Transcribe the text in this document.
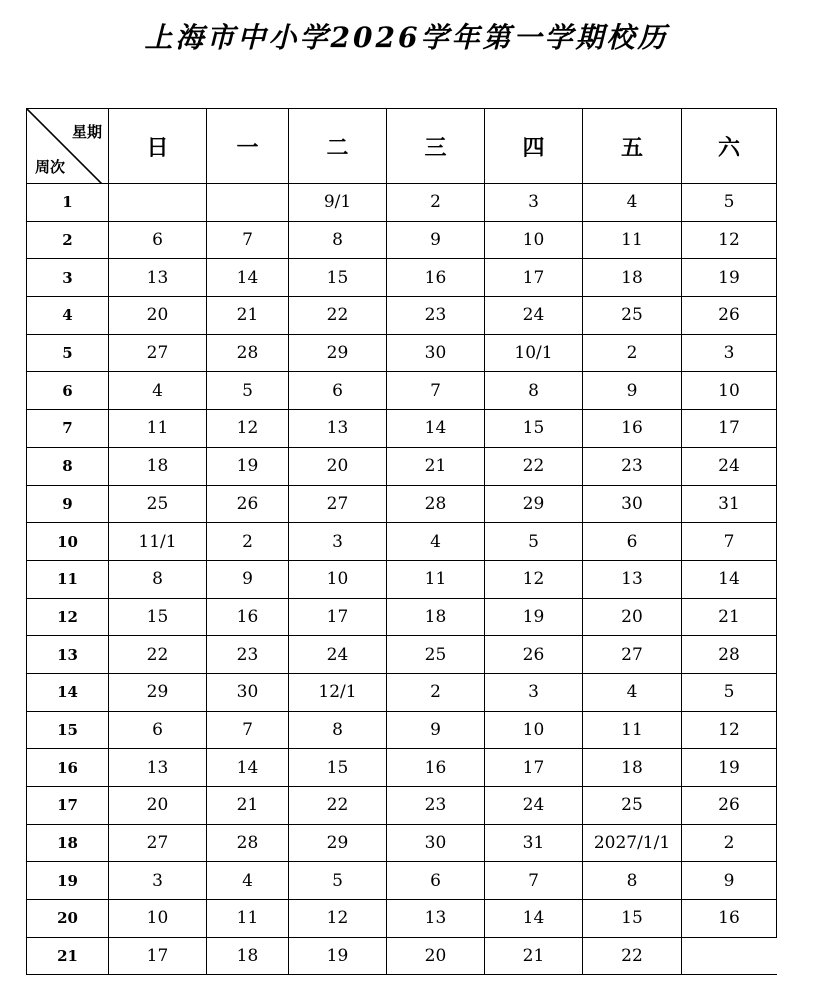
上海市中小学2026学年第一学期校历
星期
周次	日	一	二	三	四	五	六
1			9/1	2	3	4	5
2	6	7	8	9	10	11	12
3	13	14	15	16	17	18	19
4	20	21	22	23	24	25	26
5	27	28	29	30	10/1	2	3
6	4	5	6	7	8	9	10
7	11	12	13	14	15	16	17
8	18	19	20	21	22	23	24
9	25	26	27	28	29	30	31
10	11/1	2	3	4	5	6	7
11	8	9	10	11	12	13	14
12	15	16	17	18	19	20	21
13	22	23	24	25	26	27	28
14	29	30	12/1	2	3	4	5
15	6	7	8	9	10	11	12
16	13	14	15	16	17	18	19
17	20	21	22	23	24	25	26
18	27	28	29	30	31	2027/1/1	2
19	3	4	5	6	7	8	9
20	10	11	12	13	14	15	16
21	17	18	19	20	21	22	
